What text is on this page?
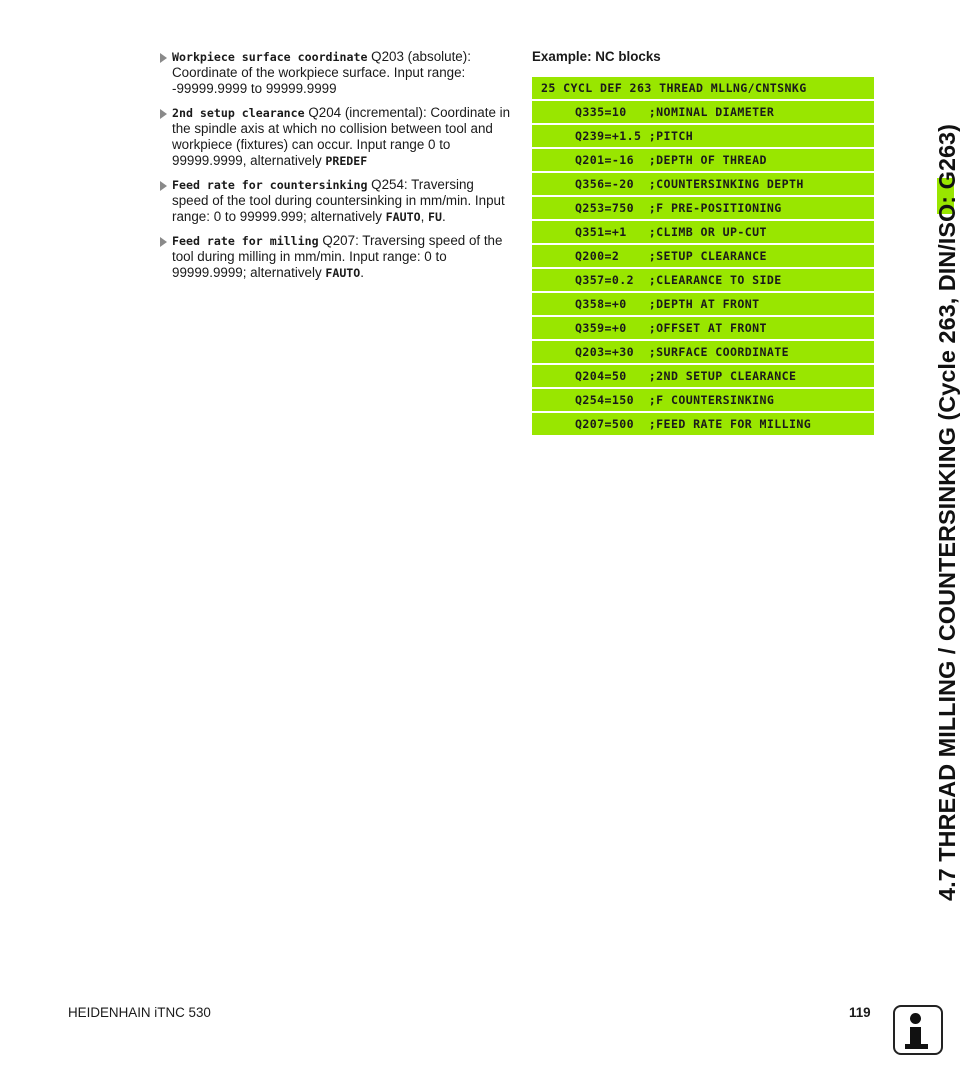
Workpiece surface coordinate Q203 (absolute): Coordinate of the workpiece surface. Input range: -99999.9999 to 99999.9999
2nd setup clearance Q204 (incremental): Coordinate in the spindle axis at which no collision between tool and workpiece (fixtures) can occur. Input range 0 to 99999.9999, alternatively PREDEF
Feed rate for countersinking Q254: Traversing speed of the tool during countersinking in mm/min. Input range: 0 to 99999.999; alternatively FAUTO, FU.
Feed rate for milling Q207: Traversing speed of the tool during milling in mm/min. Input range: 0 to 99999.9999; alternatively FAUTO.

Example: NC blocks

25 CYCL DEF 263 THREAD MLLNG/CNTSNKG
Q335=10   ;NOMINAL DIAMETER
Q239=+1.5 ;PITCH
Q201=-16  ;DEPTH OF THREAD
Q356=-20  ;COUNTERSINKING DEPTH
Q253=750  ;F PRE-POSITIONING
Q351=+1   ;CLIMB OR UP-CUT
Q200=2    ;SETUP CLEARANCE
Q357=0.2  ;CLEARANCE TO SIDE
Q358=+0   ;DEPTH AT FRONT
Q359=+0   ;OFFSET AT FRONT
Q203=+30  ;SURFACE COORDINATE
Q204=50   ;2ND SETUP CLEARANCE
Q254=150  ;F COUNTERSINKING
Q207=500  ;FEED RATE FOR MILLING	4.7 THREAD MILLING / COUNTERSINKING (Cycle 263, DIN/ISO: G263)
HEIDENHAIN iTNC 530	119
